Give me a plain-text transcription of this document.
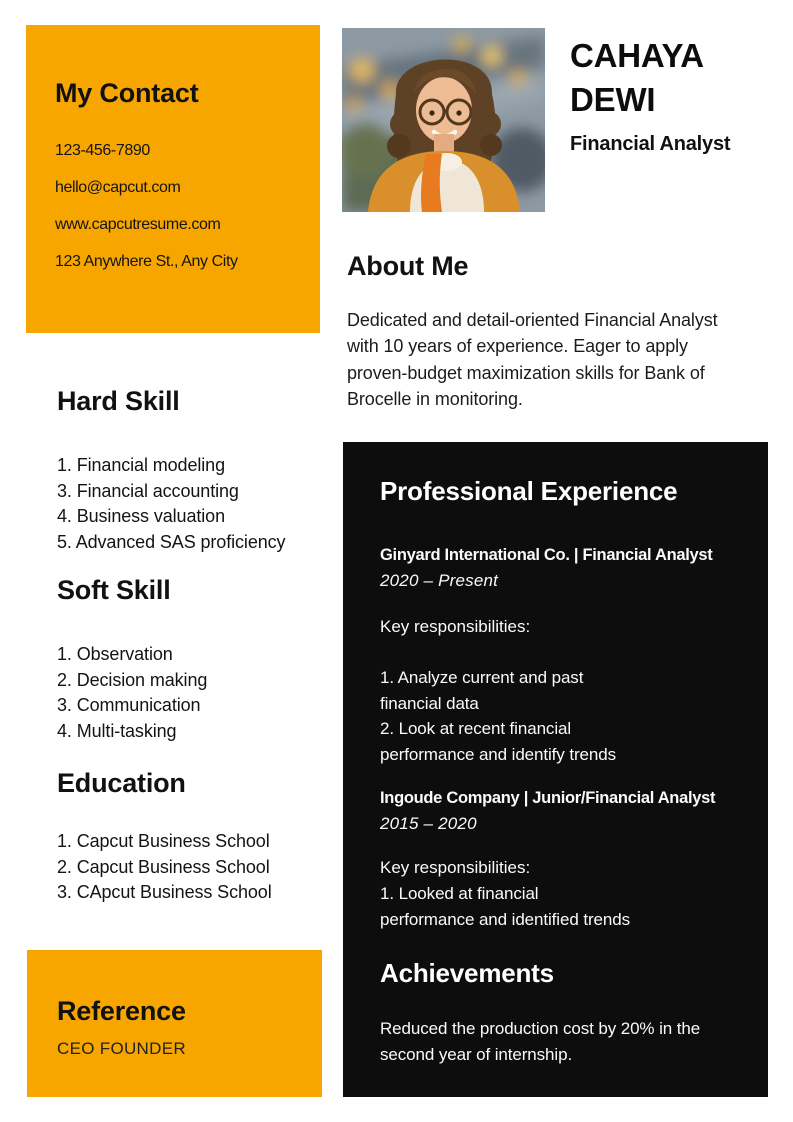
My Contact
123-456-7890
hello@capcut.com
www.capcutresume.com
123 Anywhere St., Any City
Hard Skill
1. Financial modeling
3. Financial accounting
4. Business valuation
5. Advanced SAS proficiency
Soft Skill
1. Observation
2. Decision making
3. Communication
4. Multi-tasking
Education
1. Capcut Business School
2. Capcut Business School
3. CApcut Business School
Reference
CEO FOUNDER
CAHAYA
DEWI
Financial Analyst
About Me

Dedicated and detail-oriented Financial Analyst with 10 years of experience. Eager to apply proven-budget maximization skills for Bank of Brocelle in monitoring.

Professional Experience
Ginyard International Co. | Financial Analyst
2020 – Present
Key responsibilities:
1. Analyze current and past
financial data
2. Look at recent financial
performance and identify trends
Ingoude Company | Junior/Financial Analyst
2015 – 2020
Key responsibilities:
1. Looked at financial
performance and identified trends
Achievements

Reduced the production cost by 20% in the second year of internship.
